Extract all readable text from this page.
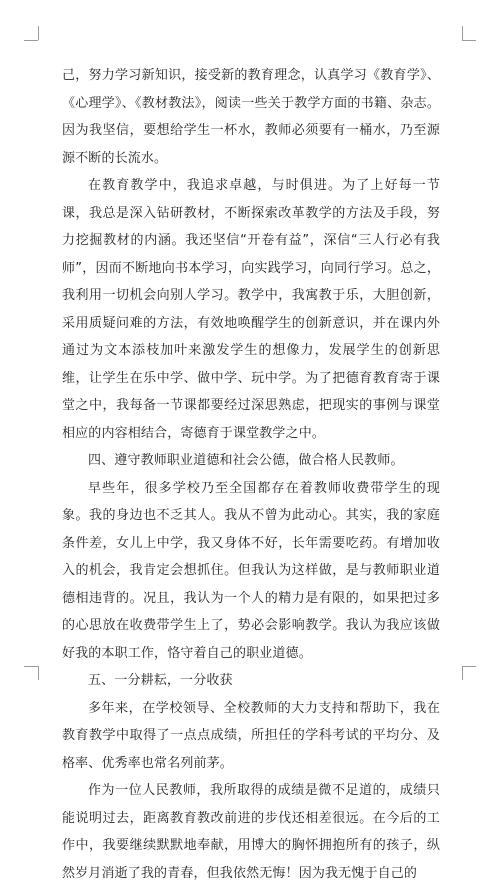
己，努力学习新知识，接受新的教育理念，认真学习《教育学》、《心理学》、《教材教法》，阅读一些关于教学方面的书籍、杂志。因为我坚信，要想给学生一杯水，教师必须要有一桶水，乃至源源不断的长流水。

在教育教学中，我追求卓越，与时俱进。为了上好每一节课，我总是深入钻研教材，不断探索改革教学的方法及手段，努力挖掘教材的内涵。我还坚信“开卷有益”，深信“三人行必有我师”，因而不断地向书本学习，向实践学习，向同行学习。总之，我利用一切机会向别人学习。教学中，我寓教于乐，大胆创新，采用质疑问难的方法，有效地唤醒学生的创新意识，并在课内外通过为文本添枝加叶来激发学生的想像力，发展学生的创新思维，让学生在乐中学、做中学、玩中学。为了把德育教育寄于课堂之中，我每备一节课都要经过深思熟虑，把现实的事例与课堂相应的内容相结合，寄德育于课堂教学之中。

四、遵守教师职业道德和社会公德，做合格人民教师。

早些年，很多学校乃至全国都存在着教师收费带学生的现象。我的身边也不乏其人。我从不曾为此动心。其实，我的家庭条件差，女儿上中学，我又身体不好，长年需要吃药。有增加收入的机会，我肯定会想抓住。但我认为这样做，是与教师职业道德相违背的。况且，我认为一个人的精力是有限的，如果把过多的心思放在收费带学生上了，势必会影响教学。我认为我应该做好我的本职工作，恪守着自己的职业道德。

五、一分耕耘，一分收获

多年来，在学校领导、全校教师的大力支持和帮助下，我在教育教学中取得了一点点成绩，所担任的学科考试的平均分、及格率、优秀率也常名列前茅。

作为一位人民教师，我所取得的成绩是微不足道的，成绩只能说明过去，距离教育教改前进的步伐还相差很远。在今后的工作中，我要继续默默地奉献，用博大的胸怀拥抱所有的孩子，纵然岁月消逝了我的青春，但我依然无悔！因为我无愧于自己的
